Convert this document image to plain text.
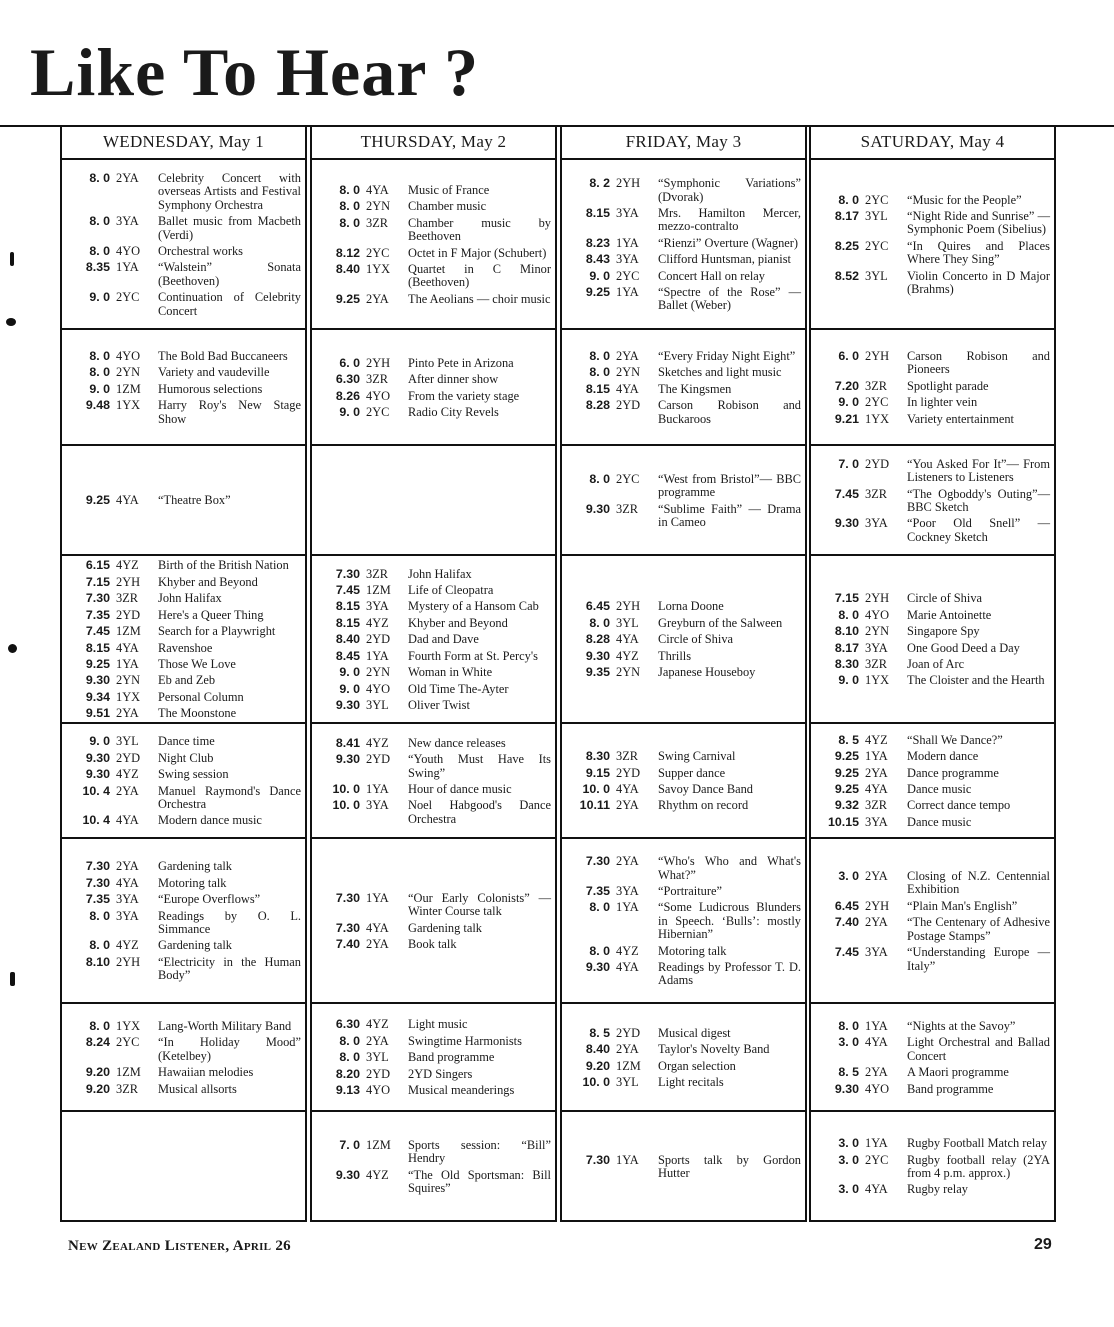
Like To Hear ?
WEDNESDAY, May 1
8. 0 2YA	Celebrity Concert with overseas Artists and Festival Symphony Orchestra
8. 0 3YA	Ballet music from Macbeth (Verdi)
8. 0 4YO	Orchestral works
8.35 1YA	“Walstein” Sonata (Beethoven)
9. 0 2YC	Continuation of Celebrity Concert
8. 0 4YO	The Bold Bad Buccaneers
8. 0 2YN	Variety and vaudeville
9. 0 1ZM	Humorous selections
9.48 1YX	Harry Roy's New Stage Show
9.25 4YA	“Theatre Box”
6.15 4YZ	Birth of the British Nation
7.15 2YH	Khyber and Beyond
7.30 3ZR	John Halifax
7.35 2YD	Here's a Queer Thing
7.45 1ZM	Search for a Playwright
8.15 4YA	Ravenshoe
9.25 1YA	Those We Love
9.30 2YN	Eb and Zeb
9.34 1YX	Personal Column
9.51 2YA	The Moonstone
9. 0 3YL	Dance time
9.30 2YD	Night Club
9.30 4YZ	Swing session
10. 4 2YA	Manuel Raymond's Dance Orchestra
10. 4 4YA	Modern dance music
7.30 2YA	Gardening talk
7.30 4YA	Motoring talk
7.35 3YA	“Europe Overflows”
8. 0 3YA	Readings by O. L. Simmance
8. 0 4YZ	Gardening talk
8.10 2YH	“Electricity in the Human Body”
8. 0 1YX	Lang-Worth Military Band
8.24 2YC	“In Holiday Mood” (Ketelbey)
9.20 1ZM	Hawaiian melodies
9.20 3ZR	Musical allsorts
THURSDAY, May 2
8. 0 4YA	Music of France
8. 0 2YN	Chamber music
8. 0 3ZR	Chamber music by Beethoven
8.12 2YC	Octet in F Major (Schubert)
8.40 1YX	Quartet in C Minor (Beethoven)
9.25 2YA	The Aeolians — choir music
6. 0 2YH	Pinto Pete in Arizona
6.30 3ZR	After dinner show
8.26 4YO	From the variety stage
9. 0 2YC	Radio City Revels
7.30 3ZR	John Halifax
7.45 1ZM	Life of Cleopatra
8.15 3YA	Mystery of a Hansom Cab
8.15 4YZ	Khyber and Beyond
8.40 2YD	Dad and Dave
8.45 1YA	Fourth Form at St. Percy's
9. 0 2YN	Woman in White
9. 0 4YO	Old Time The-Ayter
9.30 3YL	Oliver Twist
8.41 4YZ	New dance releases
9.30 2YD	“Youth Must Have Its Swing”
10. 0 1YA	Hour of dance music
10. 0 3YA	Noel Habgood's Dance Orchestra
7.30 1YA	“Our Early Colonists” —Winter Course talk
7.30 4YA	Gardening talk
7.40 2YA	Book talk
6.30 4YZ	Light music
8. 0 2YA	Swingtime Harmonists
8. 0 3YL	Band programme
8.20 2YD	2YD Singers
9.13 4YO	Musical meanderings
7. 0 1ZM	Sports session: “Bill” Hendry
9.30 4YZ	“The Old Sportsman: Bill Squires”
FRIDAY, May 3
8. 2 2YH	“Symphonic Variations” (Dvorak)
8.15 3YA	Mrs. Hamilton Mercer, mezzo-contralto
8.23 1YA	“Rienzi” Overture (Wagner)
8.43 3YA	Clifford Huntsman, pianist
9. 0 2YC	Concert Hall on relay
9.25 1YA	“Spectre of the Rose” —Ballet (Weber)
8. 0 2YA	“Every Friday Night Eight”
8. 0 2YN	Sketches and light music
8.15 4YA	The Kingsmen
8.28 2YD	Carson Robison and Buckaroos
8. 0 2YC	“West from Bristol”— BBC programme
9.30 3ZR	“Sublime Faith” — Drama in Cameo
6.45 2YH	Lorna Doone
8. 0 3YL	Greyburn of the Salween
8.28 4YA	Circle of Shiva
9.30 4YZ	Thrills
9.35 2YN	Japanese Houseboy
8.30 3ZR	Swing Carnival
9.15 2YD	Supper dance
10. 0 4YA	Savoy Dance Band
10.11 2YA	Rhythm on record
7.30 2YA	“Who's Who and What's What?”
7.35 3YA	“Portraiture”
8. 0 1YA	“Some Ludicrous Blunders in Speech. ‘Bulls’: mostly Hibernian”
8. 0 4YZ	Motoring talk
9.30 4YA	Readings by Professor T. D. Adams
8. 5 2YD	Musical digest
8.40 2YA	Taylor's Novelty Band
9.20 1ZM	Organ selection
10. 0 3YL	Light recitals
7.30 1YA	Sports talk by Gordon Hutter
SATURDAY, May 4
8. 0 2YC	“Music for the People”
8.17 3YL	“Night Ride and Sunrise” — Symphonic Poem (Sibelius)
8.25 2YC	“In Quires and Places Where They Sing”
8.52 3YL	Violin Concerto in D Major (Brahms)
6. 0 2YH	Carson Robison and Pioneers
7.20 3ZR	Spotlight parade
9. 0 2YC	In lighter vein
9.21 1YX	Variety entertainment
7. 0 2YD	“You Asked For It”— From Listeners to Listeners
7.45 3ZR	“The Ogboddy's Outing”—BBC Sketch
9.30 3YA	“Poor Old Snell” — Cockney Sketch
7.15 2YH	Circle of Shiva
8. 0 4YO	Marie Antoinette
8.10 2YN	Singapore Spy
8.17 3YA	One Good Deed a Day
8.30 3ZR	Joan of Arc
9. 0 1YX	The Cloister and the Hearth
8. 5 4YZ	“Shall We Dance?”
9.25 1YA	Modern dance
9.25 2YA	Dance programme
9.25 4YA	Dance music
9.32 3ZR	Correct dance tempo
10.15 3YA	Dance music
3. 0 2YA	Closing of N.Z. Centennial Exhibition
6.45 2YH	“Plain Man's English”
7.40 2YA	“The Centenary of Adhesive Postage Stamps”
7.45 3YA	“Understanding Europe —Italy”
8. 0 1YA	“Nights at the Savoy”
3. 0 4YA	Light Orchestral and Ballad Concert
8. 5 2YA	A Maori programme
9.30 4YO	Band programme
3. 0 1YA	Rugby Football Match relay
3. 0 2YC	Rugby football relay (2YA from 4 p.m. approx.)
3. 0 4YA	Rugby relay
New Zealand Listener, April 26	29
